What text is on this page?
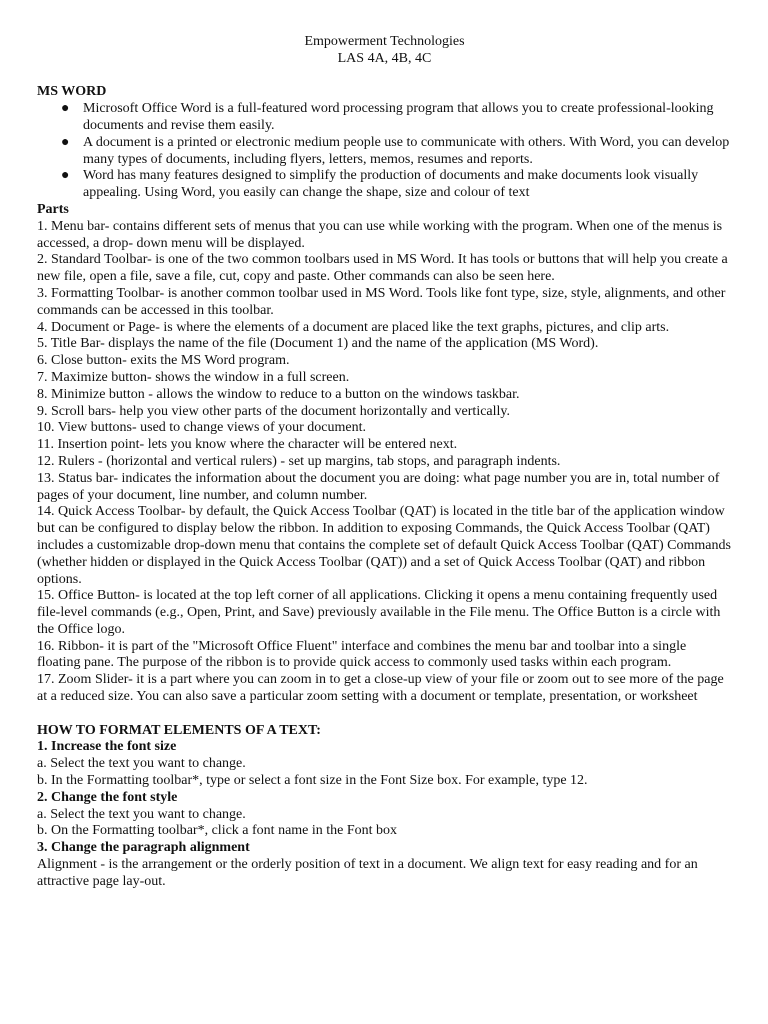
Empowerment Technologies

LAS 4A, 4B, 4C

MS WORD

● Microsoft Office Word is a full-featured word processing program that allows you to create professional-looking documents and revise them easily.
● A document is a printed or electronic medium people use to communicate with others. With Word, you can develop many types of documents, including flyers, letters, memos, resumes and reports.
● Word has many features designed to simplify the production of documents and make documents look visually appealing. Using Word, you easily can change the shape, size and colour of text

Parts

1. Menu bar- contains different sets of menus that you can use while working with the program. When one of the menus is accessed, a drop- down menu will be displayed.

2. Standard Toolbar- is one of the two common toolbars used in MS Word. It has tools or buttons that will help you create a new file, open a file, save a file, cut, copy and paste. Other commands can also be seen here.

3. Formatting Toolbar- is another common toolbar used in MS Word. Tools like font type, size, style, alignments, and other commands can be accessed in this toolbar.

4. Document or Page- is where the elements of a document are placed like the text graphs, pictures, and clip arts.

5. Title Bar- displays the name of the file (Document 1) and the name of the application (MS Word).

6. Close button- exits the MS Word program.

7. Maximize button- shows the window in a full screen.

8. Minimize button - allows the window to reduce to a button on the windows taskbar.

9. Scroll bars- help you view other parts of the document horizontally and vertically.

10. View buttons- used to change views of your document.

11. Insertion point- lets you know where the character will be entered next.

12. Rulers - (horizontal and vertical rulers) - set up margins, tab stops, and paragraph indents.

13. Status bar- indicates the information about the document you are doing: what page number you are in, total number of pages of your document, line number, and column number.

14. Quick Access Toolbar- by default, the Quick Access Toolbar (QAT) is located in the title bar of the application window but can be configured to display below the ribbon. In addition to exposing Commands, the Quick Access Toolbar (QAT) includes a customizable drop-down menu that contains the complete set of default Quick Access Toolbar (QAT) Commands (whether hidden or displayed in the Quick Access Toolbar (QAT)) and a set of Quick Access Toolbar (QAT) and ribbon options.

15. Office Button- is located at the top left corner of all applications. Clicking it opens a menu containing frequently used file-level commands (e.g., Open, Print, and Save) previously available in the File menu. The Office Button is a circle with the Office logo.

16. Ribbon- it is part of the "Microsoft Office Fluent" interface and combines the menu bar and toolbar into a single floating pane. The purpose of the ribbon is to provide quick access to commonly used tasks within each program.

17. Zoom Slider- it is a part where you can zoom in to get a close-up view of your file or zoom out to see more of the page at a reduced size. You can also save a particular zoom setting with a document or template, presentation, or worksheet

HOW TO FORMAT ELEMENTS OF A TEXT:

1. Increase the font size

a. Select the text you want to change.

b. In the Formatting toolbar*, type or select a font size in the Font Size box. For example, type 12.

2. Change the font style

a. Select the text you want to change.

b. On the Formatting toolbar*, click a font name in the Font box

3. Change the paragraph alignment

Alignment - is the arrangement or the orderly position of text in a document. We align text for easy reading and for an attractive page lay-out.
